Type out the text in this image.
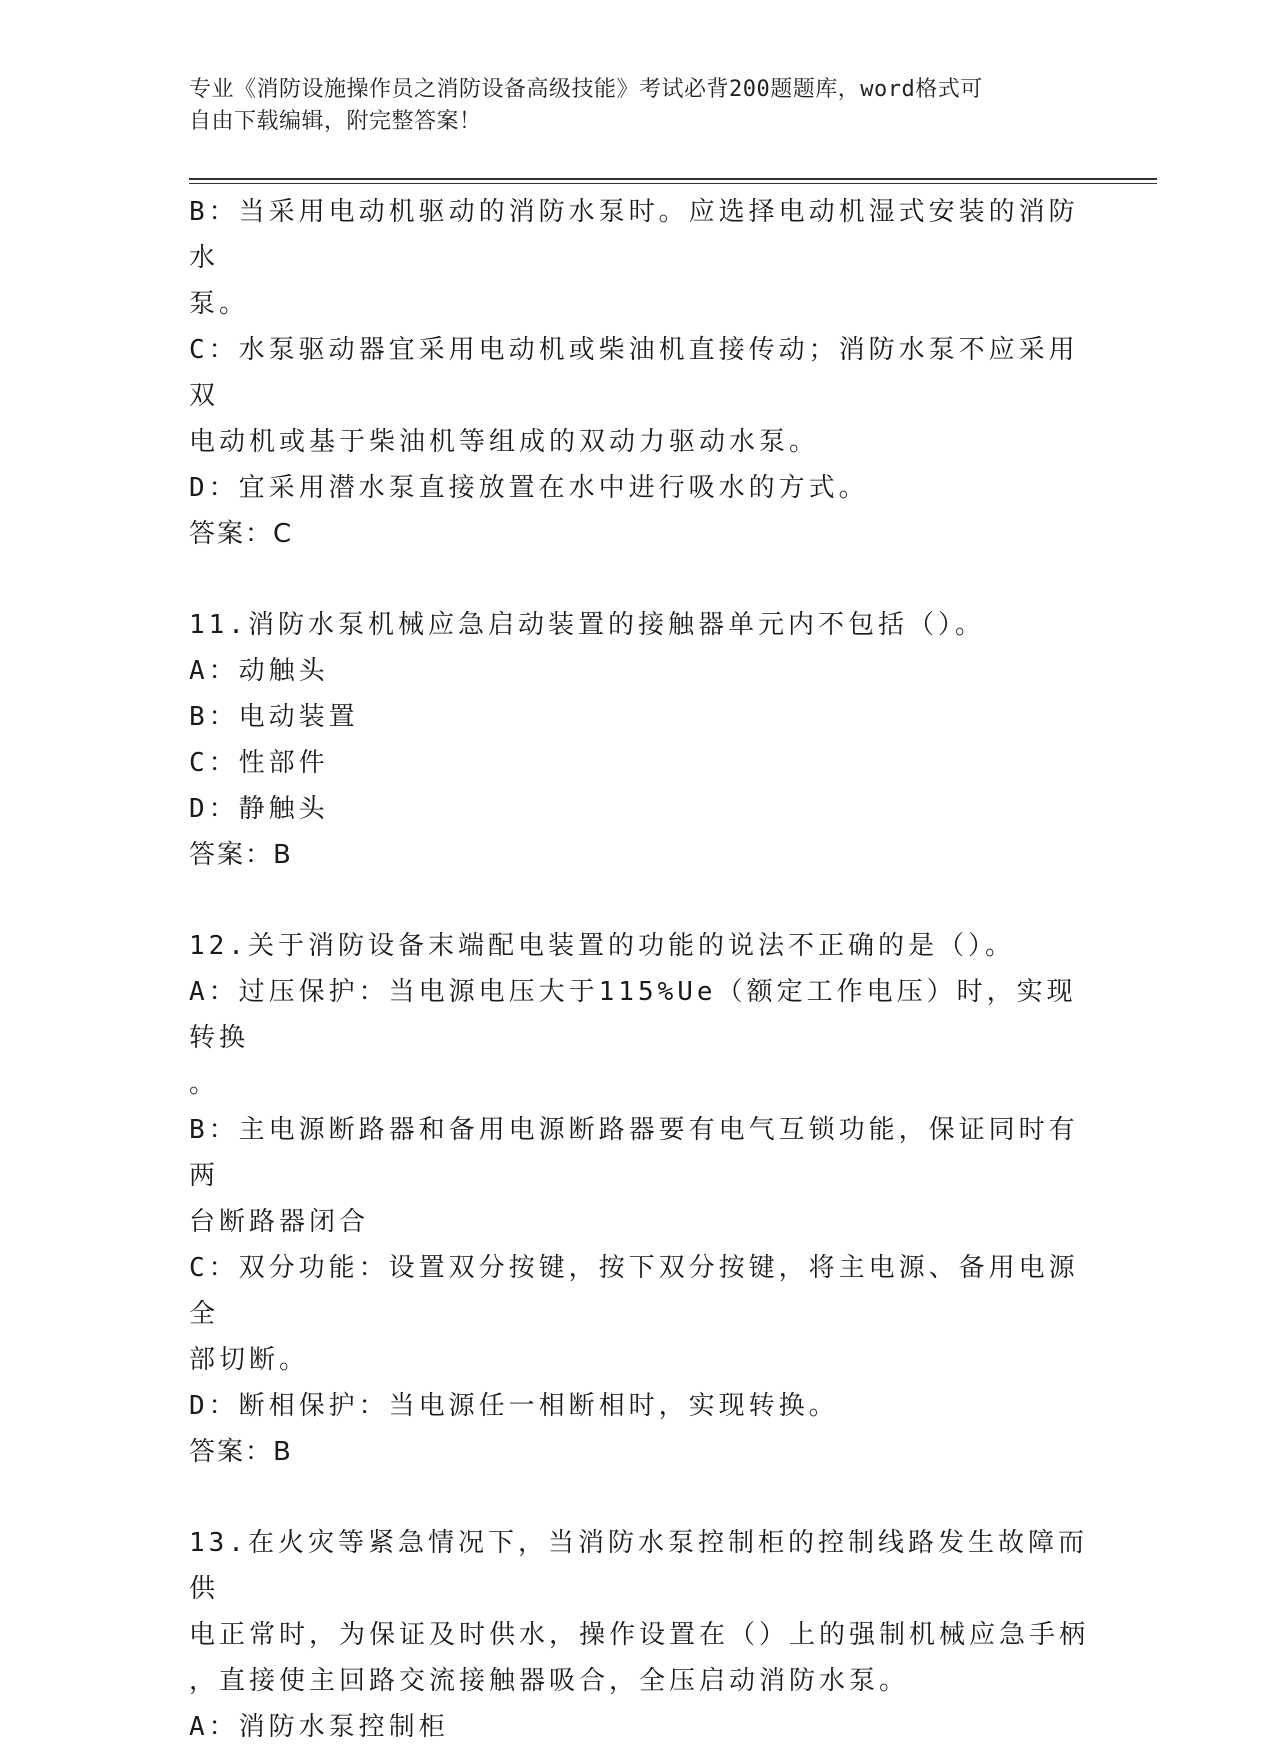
专业《消防设施操作员之消防设备高级技能》考试必背200题题库，word格式可
自由下载编辑，附完整答案！
B：当采用电动机驱动的消防水泵时。应选择电动机湿式安装的消防水
泵。
C：水泵驱动器宜采用电动机或柴油机直接传动；消防水泵不应采用双
电动机或基于柴油机等组成的双动力驱动水泵。
D：宜采用潜水泵直接放置在水中进行吸水的方式。
答案：C
11.消防水泵机械应急启动装置的接触器单元内不包括（）。
A：动触头
B：电动装置
C：性部件
D：静触头
答案：B
12.关于消防设备末端配电装置的功能的说法不正确的是（）。
A：过压保护：当电源电压大于115%Ue（额定工作电压）时，实现转换
。
B：主电源断路器和备用电源断路器要有电气互锁功能，保证同时有两
台断路器闭合
C：双分功能：设置双分按键，按下双分按键，将主电源、备用电源全
部切断。
D：断相保护：当电源任一相断相时，实现转换。
答案：B
13.在火灾等紧急情况下，当消防水泵控制柜的控制线路发生故障而供
电正常时，为保证及时供水，操作设置在（）上的强制机械应急手柄
，直接使主回路交流接触器吸合，全压启动消防水泵。
A：消防水泵控制柜
